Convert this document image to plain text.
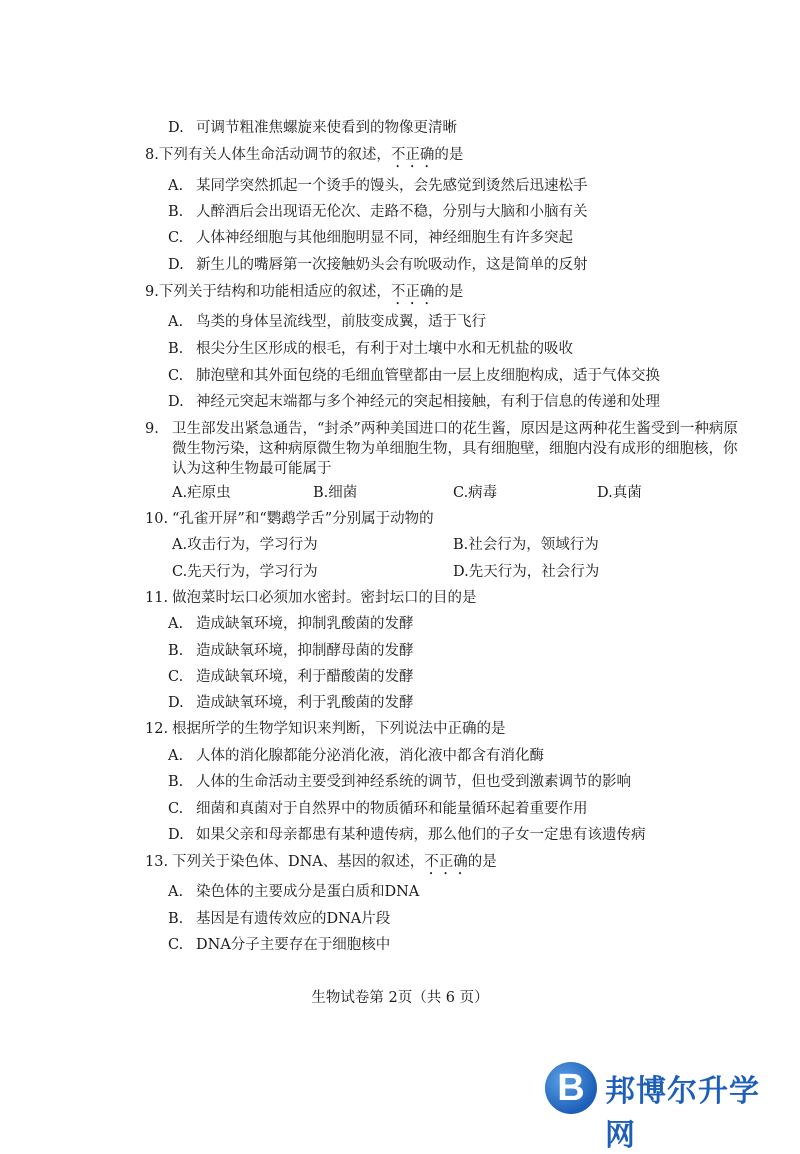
D. 可调节粗准焦螺旋来使看到的物像更清晰
8.下列有关人体生命活动调节的叙述，不正确的是
A. 某同学突然抓起一个烫手的馒头，会先感觉到烫然后迅速松手
B. 人醉酒后会出现语无伦次、走路不稳，分别与大脑和小脑有关
C. 人体神经细胞与其他细胞明显不同，神经细胞生有许多突起
D. 新生儿的嘴唇第一次接触奶头会有吮吸动作，这是简单的反射
9.下列关于结构和功能相适应的叙述，不正确的是
A. 鸟类的身体呈流线型，前肢变成翼，适于飞行
B. 根尖分生区形成的根毛，有利于对土壤中水和无机盐的吸收
C. 肺泡壁和其外面包绕的毛细血管壁都由一层上皮细胞构成，适于气体交换
D. 神经元突起末端都与多个神经元的突起相接触，有利于信息的传递和处理
9. 卫生部发出紧急通告，“封杀”两种美国进口的花生酱，原因是这两种花生酱受到一种病原
微生物污染，这种病原微生物为单细胞生物，具有细胞壁，细胞内没有成形的细胞核，你
认为这种生物最可能属于
A.疟原虫	B.细菌	C.病毒	D.真菌
10. “孔雀开屏”和“鹦鹉学舌”分别属于动物的
A.攻击行为，学习行为	B.社会行为，领域行为
C.先天行为，学习行为	D.先天行为，社会行为
11. 做泡菜时坛口必须加水密封。密封坛口的目的是
A. 造成缺氧环境，抑制乳酸菌的发酵
B. 造成缺氧环境，抑制酵母菌的发酵
C. 造成缺氧环境，利于醋酸菌的发酵
D. 造成缺氧环境，利于乳酸菌的发酵
12. 根据所学的生物学知识来判断，下列说法中正确的是
A. 人体的消化腺都能分泌消化液，消化液中都含有消化酶
B. 人体的生命活动主要受到神经系统的调节，但也受到激素调节的影响
C. 细菌和真菌对于自然界中的物质循环和能量循环起着重要作用
D. 如果父亲和母亲都患有某种遗传病，那么他们的子女一定患有该遗传病
13. 下列关于染色体、DNA、基因的叙述，不正确的是
A. 染色体的主要成分是蛋白质和DNA
B. 基因是有遗传效应的DNA片段
C. DNA分子主要存在于细胞核中
生物试卷第 2页（共 6 页）
B 邦博尔升学网
